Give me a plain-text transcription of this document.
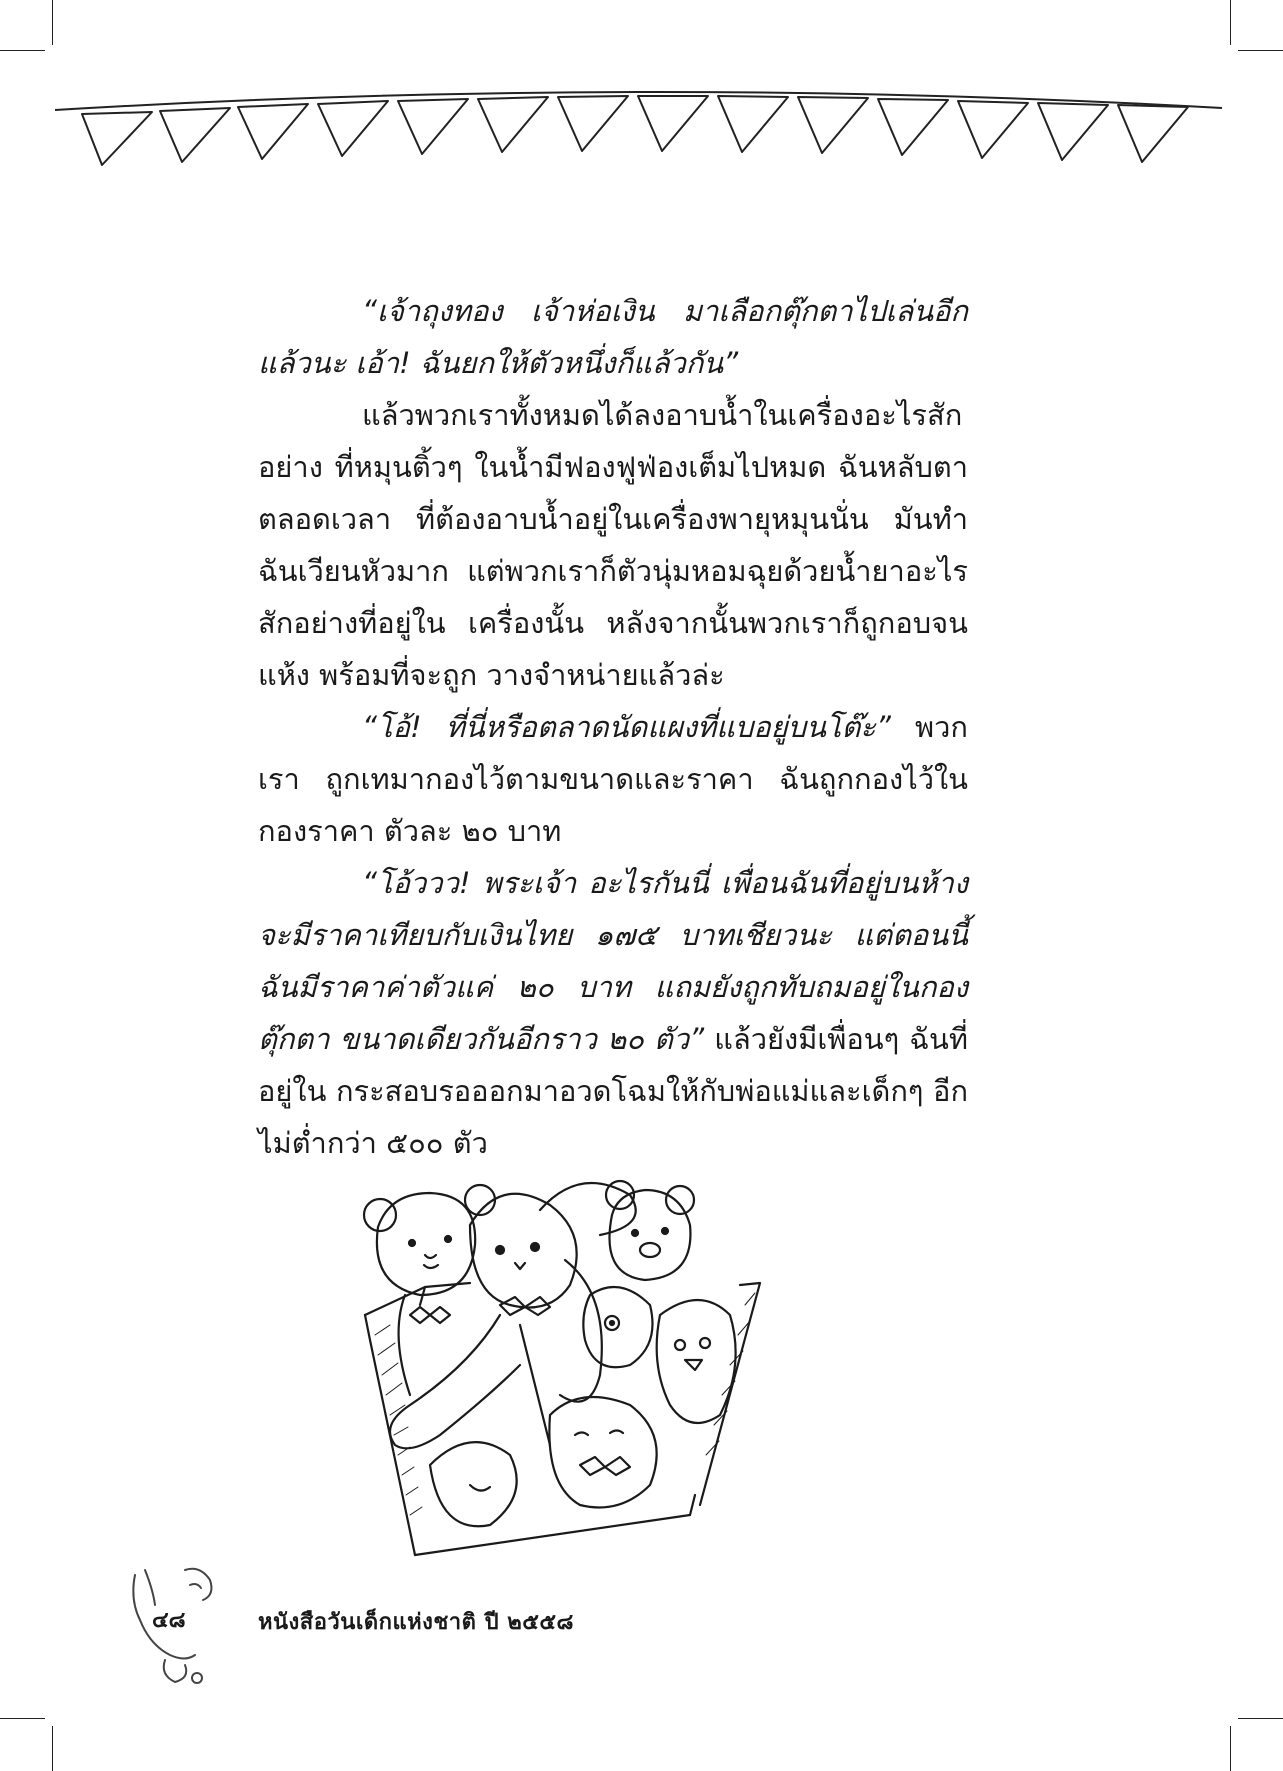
“เจ้าถุงทอง เจ้าห่อเงิน มาเลือกตุ๊กตาไปเล่นอีกแล้วนะ เอ้า! ฉันยกให้ตัวหนึ่งก็แล้วกัน”

แล้วพวกเราทั้งหมดได้ลงอาบน้ำในเครื่องอะไรสักอย่าง ที่หมุนติ้วๆ ในน้ำมีฟองฟูฟ่องเต็มไปหมด ฉันหลับตาตลอดเวลา ที่ต้องอาบน้ำอยู่ในเครื่องพายุหมุนนั่น มันทำฉันเวียนหัวมาก แต่พวกเราก็ตัวนุ่มหอมฉุยด้วยน้ำยาอะไรสักอย่างที่อยู่ใน เครื่องนั้น หลังจากนั้นพวกเราก็ถูกอบจนแห้ง พร้อมที่จะถูก วางจำหน่ายแล้วล่ะ

“โอ้! ที่นี่หรือตลาดนัดแผงที่แบอยู่บนโต๊ะ” พวกเรา ถูกเทมากองไว้ตามขนาดและราคา ฉันถูกกองไว้ในกองราคา ตัวละ ๒๐ บาท

“โอ้ววว! พระเจ้า อะไรกันนี่ เพื่อนฉันที่อยู่บนห้าง จะมีราคาเทียบกับเงินไทย ๑๗๕ บาทเชียวนะ แต่ตอนนี้ ฉันมีราคาค่าตัวแค่ ๒๐ บาท แถมยังถูกทับถมอยู่ในกองตุ๊กตา ขนาดเดียวกันอีกราว ๒๐ ตัว” แล้วยังมีเพื่อนๆ ฉันที่อยู่ใน กระสอบรอออกมาอวดโฉมให้กับพ่อแม่และเด็กๆ อีกไม่ต่ำกว่า ๕๐๐ ตัว

๔๘	หนังสือวันเด็กแห่งชาติ ปี ๒๕๕๘
